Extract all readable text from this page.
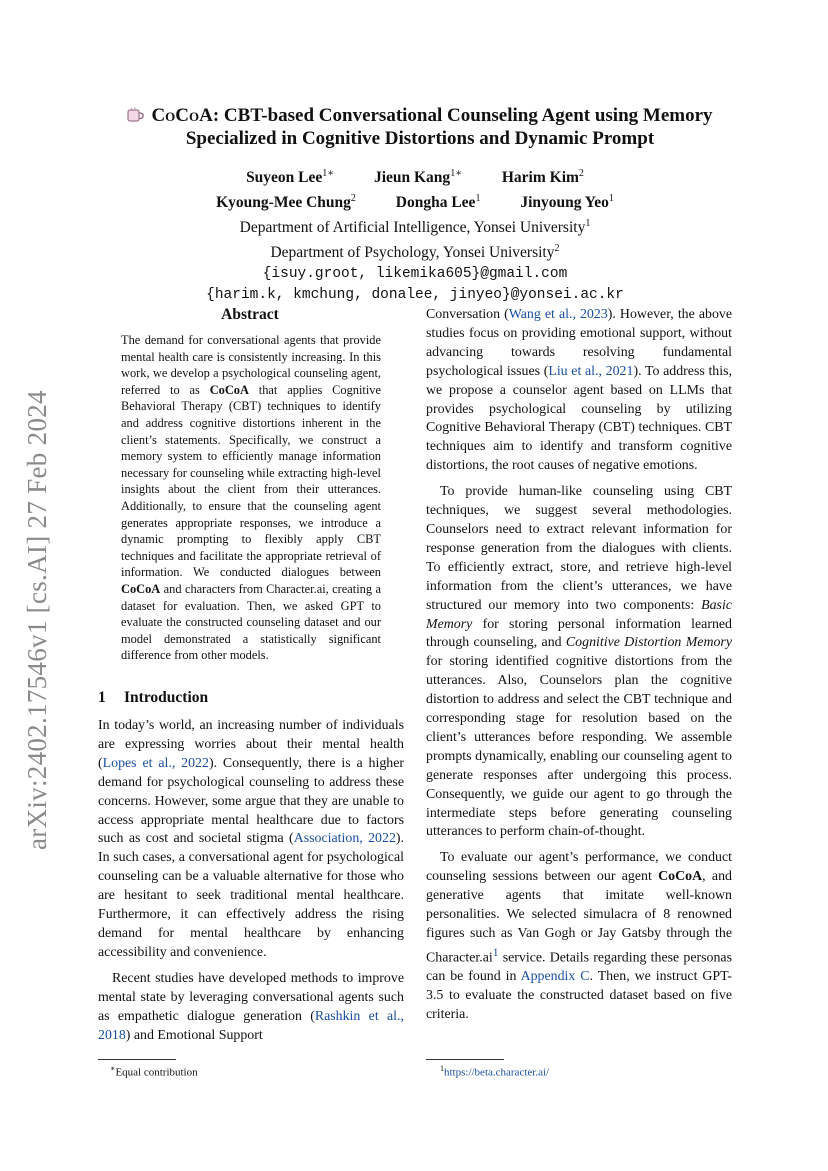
arXiv:2402.17546v1 [cs.AI] 27 Feb 2024
CoCoA: CBT-based Conversational Counseling Agent using Memory
Specialized in Cognitive Distortions and Dynamic Prompt
Suyeon Lee$^{1∗}$	Jieun Kang$^{1∗}$	Harim Kim$^2$
Kyoung-Mee Chung$^2$	Dongha Lee$^1$	Jinyoung Yeo$^1$
Department of Artificial Intelligence, Yonsei University$^1$
Department of Psychology, Yonsei University$^2$
{isuy.groot, likemika605}@gmail.com
{harim.k, kmchung, donalee, jinyeo}@yonsei.ac.kr
Abstract
The demand for conversational agents that provide mental health care is consistently increasing. In this work, we develop a psychological counseling agent, referred to as CoCoA that applies Cognitive Behavioral Therapy (CBT) techniques to identify and address cognitive distortions inherent in the client’s statements. Specifically, we construct a memory system to efficiently manage information necessary for counseling while extracting high-level insights about the client from their utterances. Additionally, to ensure that the counseling agent generates appropriate responses, we introduce a dynamic prompting to flexibly apply CBT techniques and facilitate the appropriate retrieval of information. We conducted dialogues between CoCoA and characters from Character.ai, creating a dataset for evaluation. Then, we asked GPT to evaluate the constructed counseling dataset and our model demonstrated a statistically significant difference from other models.
1 Introduction

In today’s world, an increasing number of individuals are expressing worries about their mental health (Lopes et al., 2022). Consequently, there is a higher demand for psychological counseling to address these concerns. However, some argue that they are unable to access appropriate mental healthcare due to factors such as cost and societal stigma (Association, 2022). In such cases, a conversational agent for psychological counseling can be a valuable alternative for those who are hesitant to seek traditional mental healthcare. Furthermore, it can effectively address the rising demand for mental healthcare by enhancing accessibility and convenience.

Recent studies have developed methods to improve mental state by leveraging conversational agents such as empathetic dialogue generation (Rashkin et al., 2018) and Emotional Support

Conversation (Wang et al., 2023). However, the above studies focus on providing emotional support, without advancing towards resolving fundamental psychological issues (Liu et al., 2021). To address this, we propose a counselor agent based on LLMs that provides psychological counseling by utilizing Cognitive Behavioral Therapy (CBT) techniques. CBT techniques aim to identify and transform cognitive distortions, the root causes of negative emotions.

To provide human-like counseling using CBT techniques, we suggest several methodologies. Counselors need to extract relevant information for response generation from the dialogues with clients. To efficiently extract, store, and retrieve high-level information from the client’s utterances, we have structured our memory into two components: Basic Memory for storing personal information learned through counseling, and Cognitive Distortion Memory for storing identified cognitive distortions from the utterances. Also, Counselors plan the cognitive distortion to address and select the CBT technique and corresponding stage for resolution based on the client’s utterances before responding. We assemble prompts dynamically, enabling our counseling agent to generate responses after undergoing this process. Consequently, we guide our agent to go through the intermediate steps before generating counseling utterances to perform chain-of-thought.

To evaluate our agent’s performance, we conduct counseling sessions between our agent CoCoA, and generative agents that imitate well-known personalities. We selected simulacra of 8 renowned figures such as Van Gogh or Jay Gatsby through the Character.ai$^1$ service. Details regarding these personas can be found in Appendix C. Then, we instruct GPT-3.5 to evaluate the constructed dataset based on five criteria.

∗Equal contribution	$^1$https://beta.character.ai/
